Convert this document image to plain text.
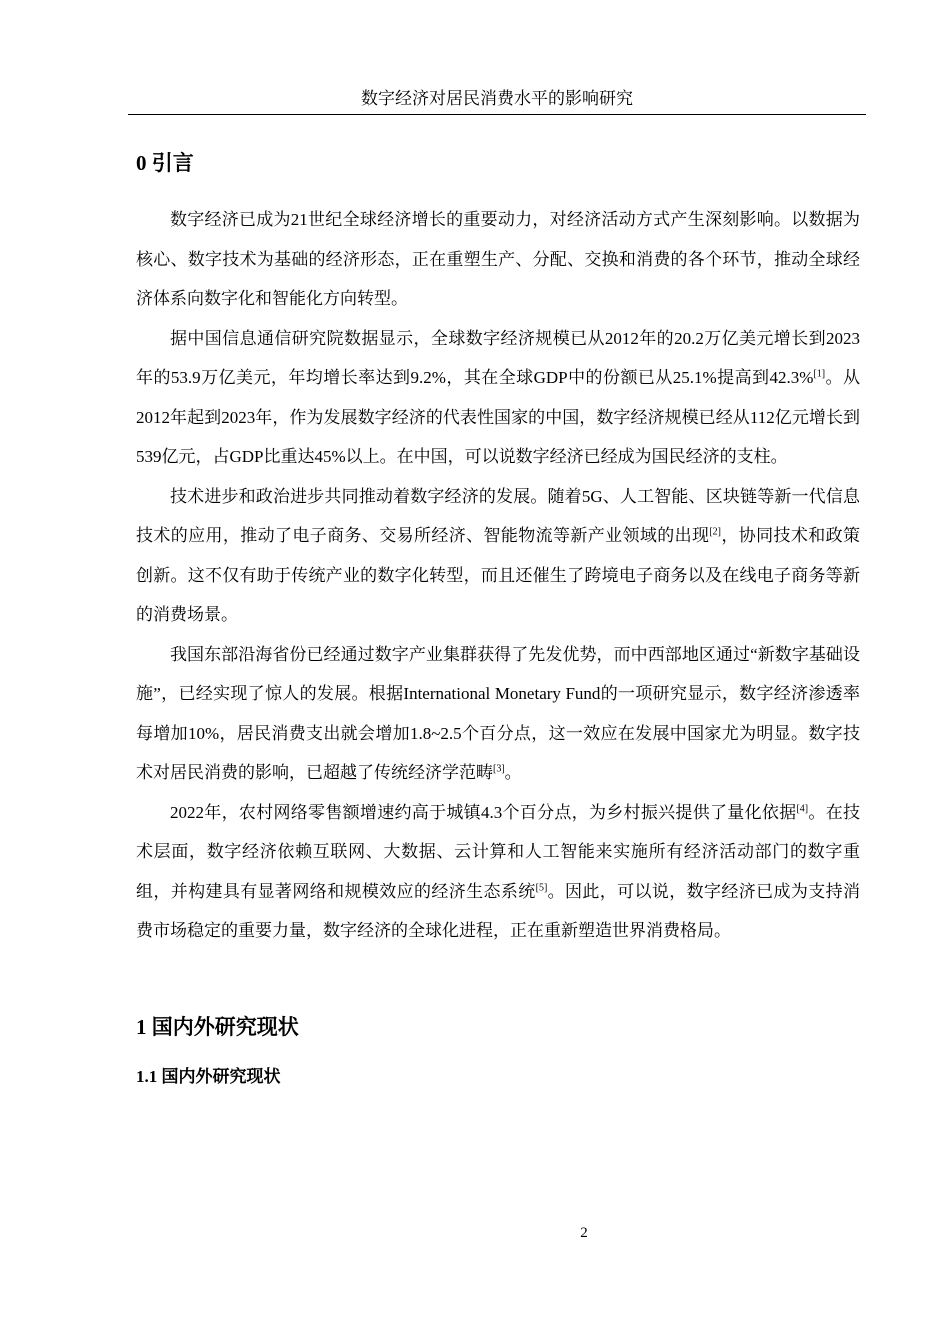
数字经济对居民消费水平的影响研究
0 引言

数字经济已成为21世纪全球经济增长的重要动力，对经济活动方式产生深刻影响。以数据为核心、数字技术为基础的经济形态，正在重塑生产、分配、交换和消费的各个环节，推动全球经济体系向数字化和智能化方向转型。

据中国信息通信研究院数据显示，全球数字经济规模已从2012年的20.2万亿美元增长到2023年的53.9万亿美元，年均增长率达到9.2%，其在全球GDP中的份额已从25.1%提高到42.3%[1]。从2012年起到2023年，作为发展数字经济的代表性国家的中国，数字经济规模已经从112亿元增长到539亿元，占GDP比重达45%以上。在中国，可以说数字经济已经成为国民经济的支柱。

技术进步和政治进步共同推动着数字经济的发展。随着5G、人工智能、区块链等新一代信息技术的应用，推动了电子商务、交易所经济、智能物流等新产业领域的出现[2]，协同技术和政策创新。这不仅有助于传统产业的数字化转型，而且还催生了跨境电子商务以及在线电子商务等新的消费场景。

我国东部沿海省份已经通过数字产业集群获得了先发优势，而中西部地区通过“新数字基础设施”，已经实现了惊人的发展。根据International Monetary Fund的一项研究显示，数字经济渗透率每增加10%，居民消费支出就会增加1.8~2.5个百分点，这一效应在发展中国家尤为明显。数字技术对居民消费的影响，已超越了传统经济学范畴[3]。

2022年，农村网络零售额增速约高于城镇4.3个百分点，为乡村振兴提供了量化依据[4]。在技术层面，数字经济依赖互联网、大数据、云计算和人工智能来实施所有经济活动部门的数字重组，并构建具有显著网络和规模效应的经济生态系统[5]。因此，可以说，数字经济已成为支持消费市场稳定的重要力量，数字经济的全球化进程，正在重新塑造世界消费格局。

1 国内外研究现状
1.1 国内外研究现状
2
